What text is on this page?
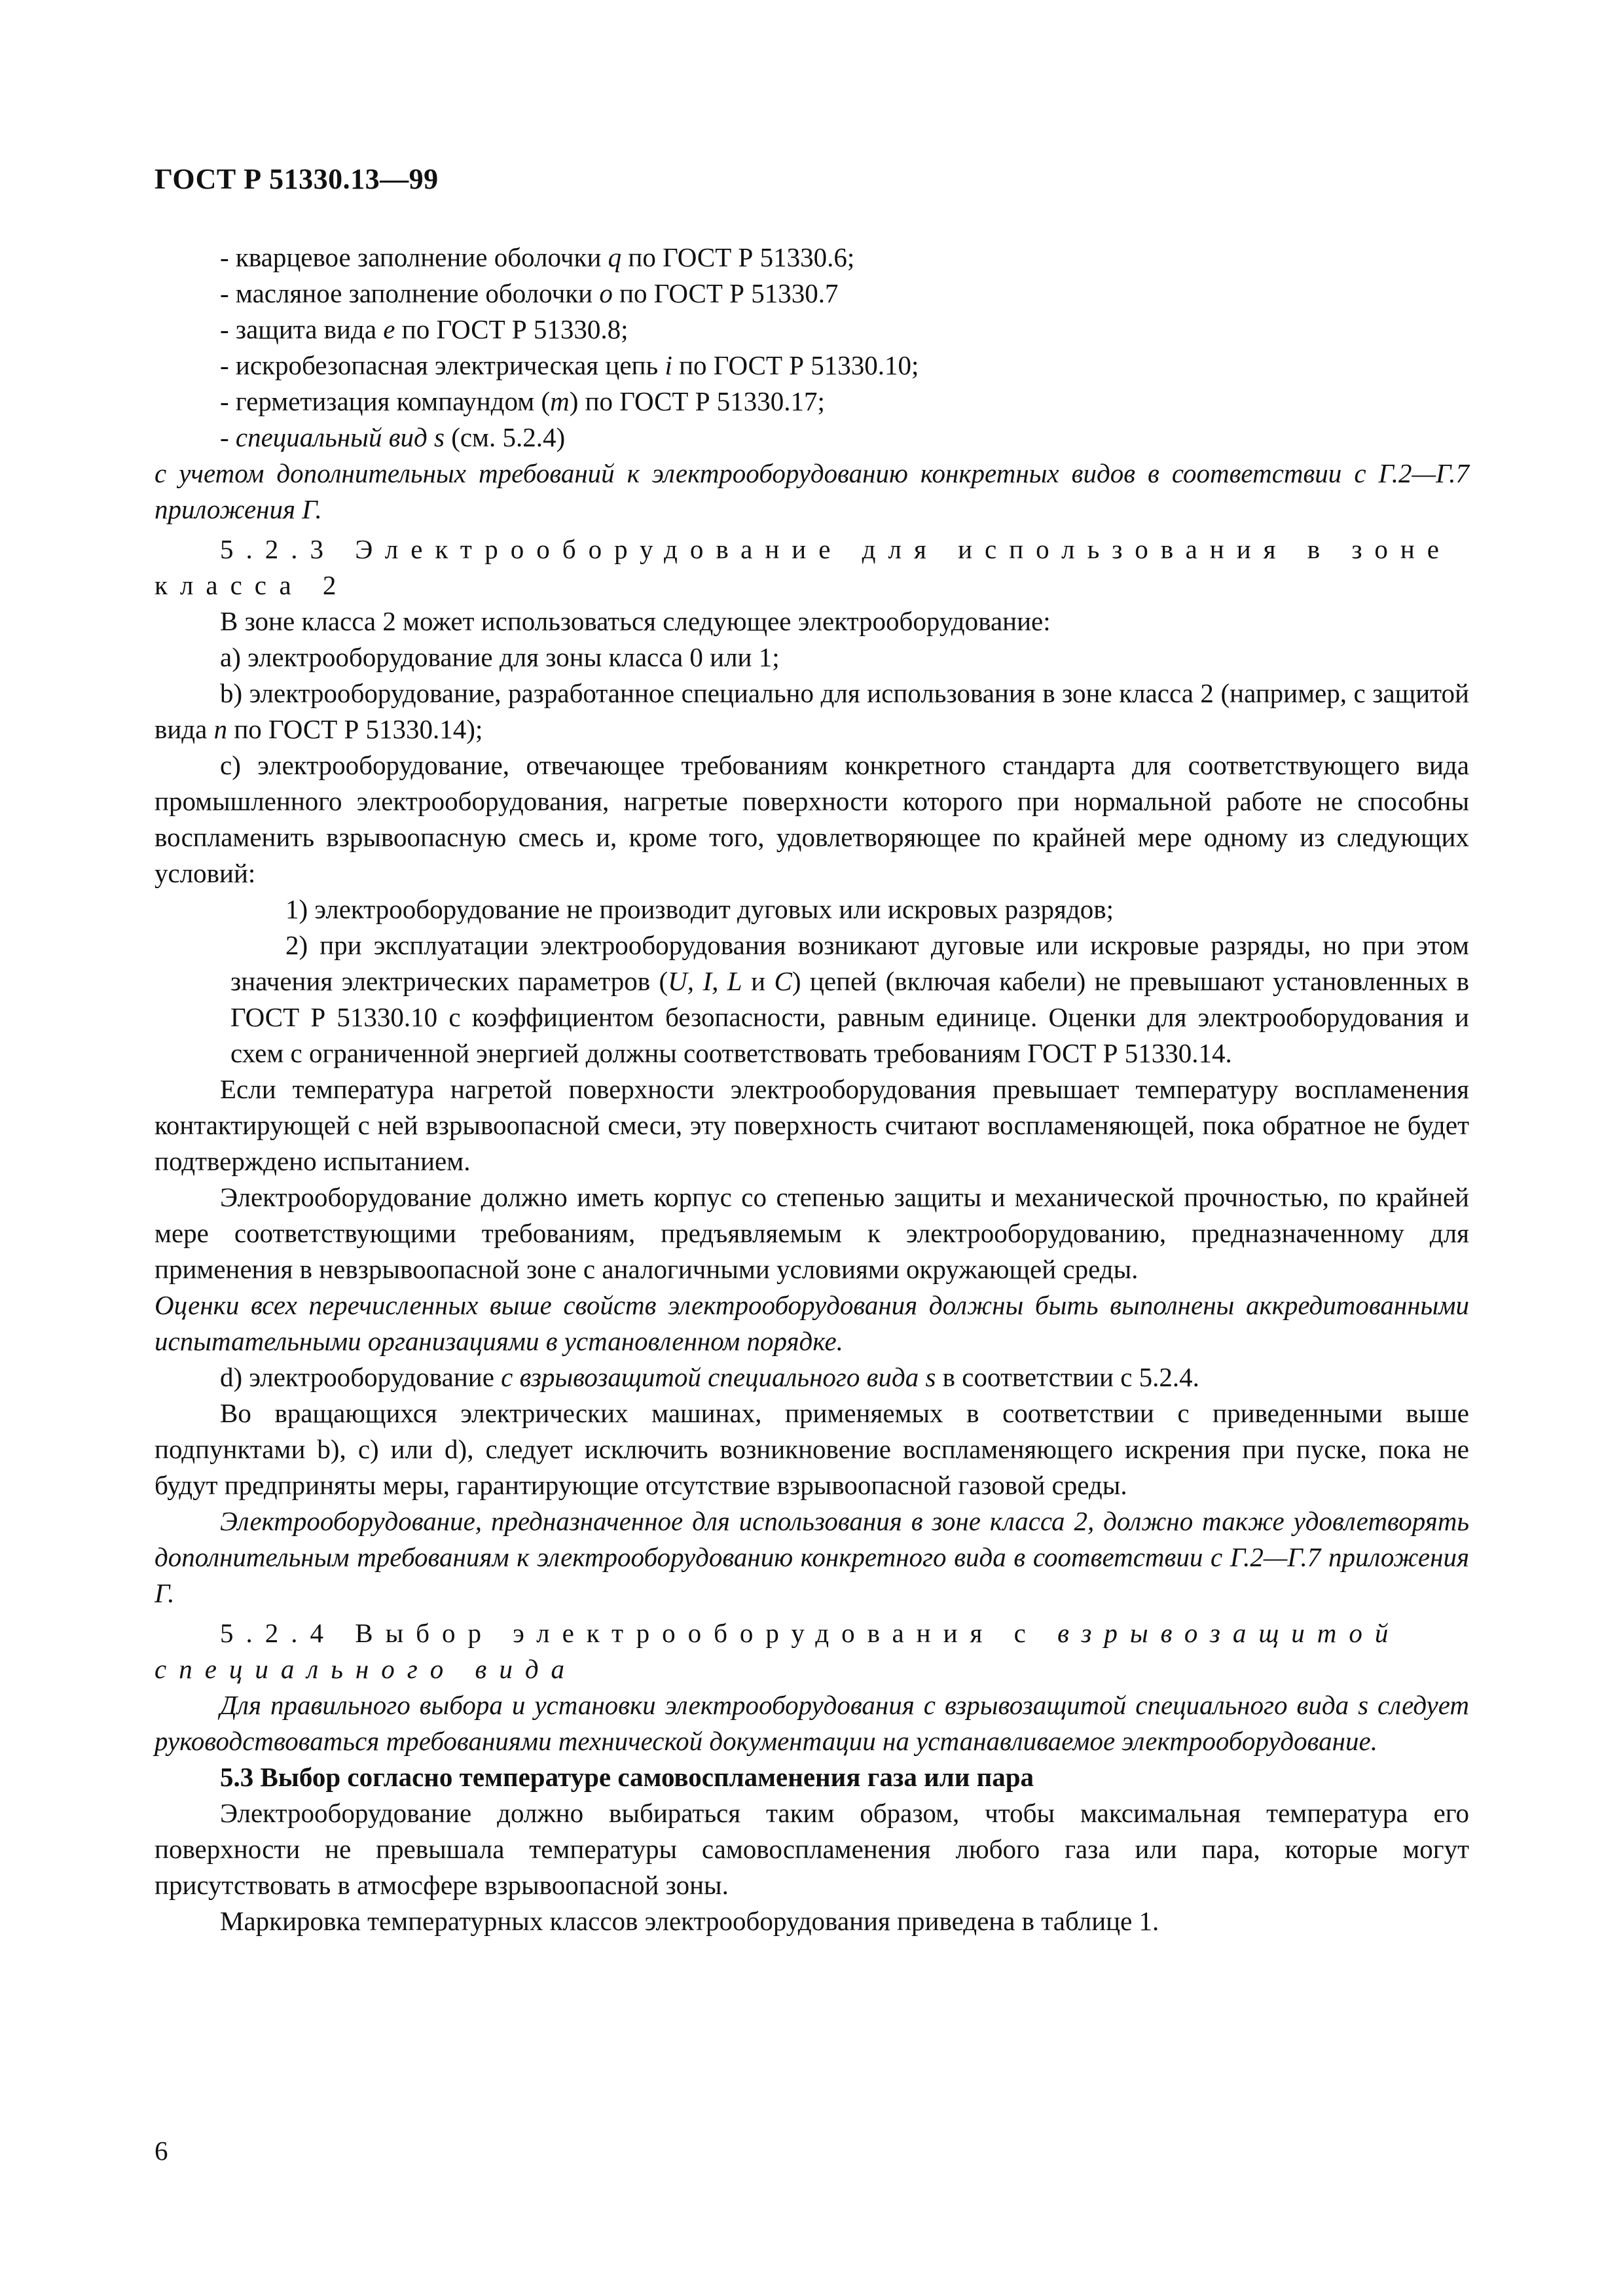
ГОСТ Р 51330.13—99

- кварцевое заполнение оболочки q по ГОСТ Р 51330.6;

- масляное заполнение оболочки o по ГОСТ Р 51330.7

- защита вида e по ГОСТ Р 51330.8;

- искробезопасная электрическая цепь i по ГОСТ Р 51330.10;

- герметизация компаундом (m) по ГОСТ Р 51330.17;

- специальный вид s (см. 5.2.4)

с учетом дополнительных требований к электрооборудованию конкретных видов в соответствии с Г.2—Г.7 приложения Г.

5.2.3 Электрооборудование для использования в зоне класса 2

В зоне класса 2 может использоваться следующее электрооборудование:

а) электрооборудование для зоны класса 0 или 1;

b) электрооборудование, разработанное специально для использования в зоне класса 2 (например, с защитой вида n по ГОСТ Р 51330.14);

с) электрооборудование, отвечающее требованиям конкретного стандарта для соответствующего вида промышленного электрооборудования, нагретые поверхности которого при нормальной работе не способны воспламенить взрывоопасную смесь и, кроме того, удовлетворяющее по крайней мере одному из следующих условий:

1) электрооборудование не производит дуговых или искровых разрядов;

2) при эксплуатации электрооборудования возникают дуговые или искровые разряды, но при этом значения электрических параметров (U, I, L и C) цепей (включая кабели) не превышают установленных в ГОСТ Р 51330.10 с коэффициентом безопасности, равным единице. Оценки для электрооборудования и схем с ограниченной энергией должны соответствовать требованиям ГОСТ Р 51330.14.

Если температура нагретой поверхности электрооборудования превышает температуру воспламенения контактирующей с ней взрывоопасной смеси, эту поверхность считают воспламеняющей, пока обратное не будет подтверждено испытанием.

Электрооборудование должно иметь корпус со степенью защиты и механической прочностью, по крайней мере соответствующими требованиям, предъявляемым к электрооборудованию, предназначенному для применения в невзрывоопасной зоне с аналогичными условиями окружающей среды.

Оценки всех перечисленных выше свойств электрооборудования должны быть выполнены аккредитованными испытательными организациями в установленном порядке.

d) электрооборудование с взрывозащитой специального вида s в соответствии с 5.2.4.

Во вращающихся электрических машинах, применяемых в соответствии с приведенными выше подпунктами b), с) или d), следует исключить возникновение воспламеняющего искрения при пуске, пока не будут предприняты меры, гарантирующие отсутствие взрывоопасной газовой среды.

Электрооборудование, предназначенное для использования в зоне класса 2, должно также удовлетворять дополнительным требованиям к электрооборудованию конкретного вида в соответствии с Г.2—Г.7 приложения Г.

5.2.4 Выбор электрооборудования с взрывозащитой специального вида

Для правильного выбора и установки электрооборудования с взрывозащитой специального вида s следует руководствоваться требованиями технической документации на устанавливаемое электрооборудование.

5.3 Выбор согласно температуре самовоспламенения газа или пара

Электрооборудование должно выбираться таким образом, чтобы максимальная температура его поверхности не превышала температуры самовоспламенения любого газа или пара, которые могут присутствовать в атмосфере взрывоопасной зоны.

Маркировка температурных классов электрооборудования приведена в таблице 1.

6
